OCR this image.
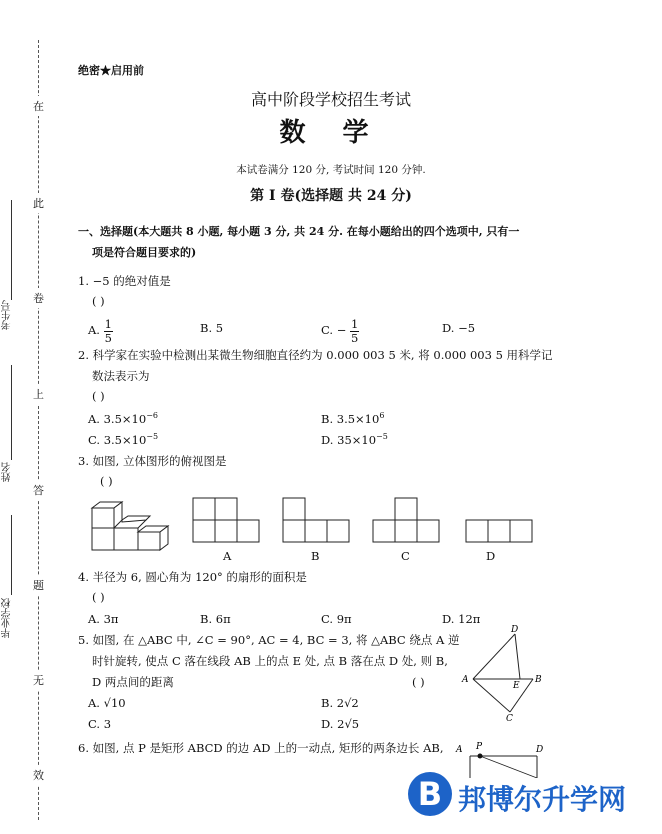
在
此
卷
上
答
题
无
效
考生号
姓名
毕业学校
绝密★启用前
高中阶段学校招生考试
数 学
本试卷满分 120 分, 考试时间 120 分钟.
第 I 卷(选择题 共 24 分)
一、选择题(本大题共 8 小题, 每小题 3 分, 共 24 分. 在每小题给出的四个选项中, 只有一
项是符合题目要求的)
1. −5 的绝对值是
( )
A. $\frac{1}{5}$	B. 5	C. − $\frac{1}{5}$	D. −5
2. 科学家在实验中检测出某微生物细胞直径约为 0.000 003 5 米, 将 0.000 003 5 用科学记
数法表示为
( )
A. $3.5\times 10^{-6}$	B. $3.5\times 10^6$
C. $3.5\times 10^{-5}$	D. $35\times 10^{-5}$
3. 如图, 立体图形的俯视图是
( )
A	B	C	D
4. 半径为 6, 圆心角为 120° 的扇形的面积是
( )
A. 3π	B. 6π	C. 9π	D. 12π
5. 如图, 在 △ABC 中, ∠C = 90°, AC = 4, BC = 3, 将 △ABC 绕点 A 逆
时针旋转, 使点 C 落在线段 AB 上的点 E 处, 点 B 落在点 D 处, 则 B,
D 两点间的距离	( )
A. √10	B. 2√2
C. 3	D. 2√5
D
A
E
B
C
6. 如图, 点 P 是矩形 ABCD 的边 AD 上的一动点, 矩形的两条边长 AB, A P	D
B 邦博尔升学网
